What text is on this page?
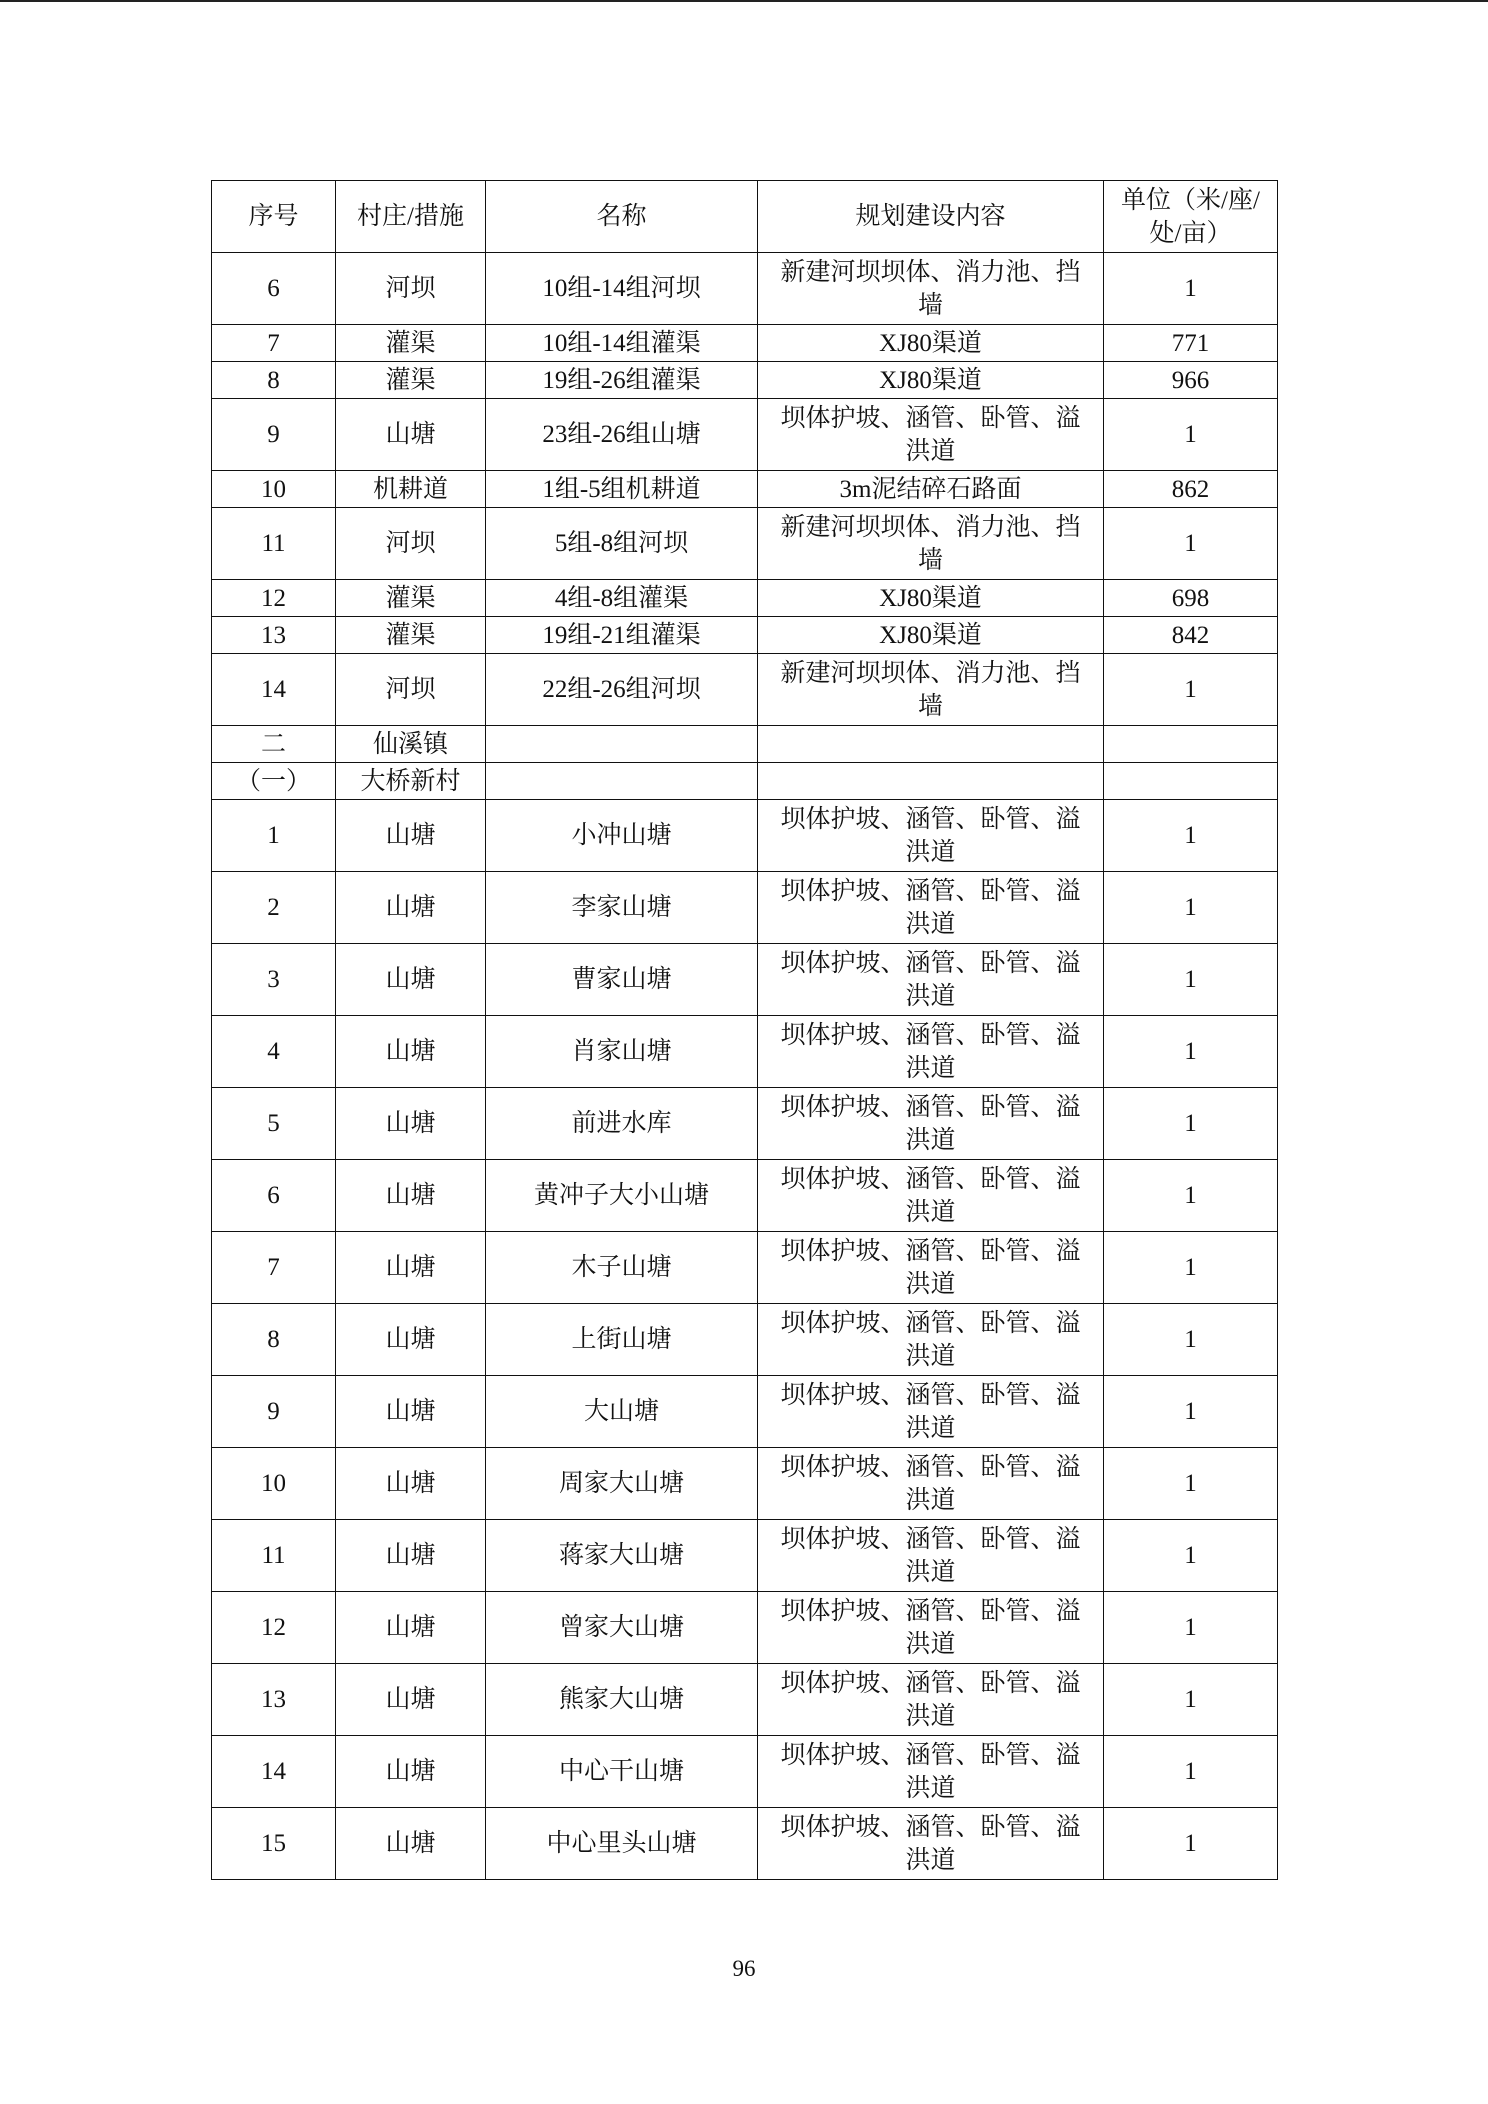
序号	村庄/措施	名称	规划建设内容	单位（米/座/处/亩）
6	河坝	10组-14组河坝	新建河坝坝体、消力池、挡墙	1
7	灌渠	10组-14组灌渠	XJ80渠道	771
8	灌渠	19组-26组灌渠	XJ80渠道	966
9	山塘	23组-26组山塘	坝体护坡、涵管、卧管、溢洪道	1
10	机耕道	1组-5组机耕道	3m泥结碎石路面	862
11	河坝	5组-8组河坝	新建河坝坝体、消力池、挡墙	1
12	灌渠	4组-8组灌渠	XJ80渠道	698
13	灌渠	19组-21组灌渠	XJ80渠道	842
14	河坝	22组-26组河坝	新建河坝坝体、消力池、挡墙	1
二	仙溪镇			
（一）	大桥新村			
1	山塘	小冲山塘	坝体护坡、涵管、卧管、溢洪道	1
2	山塘	李家山塘	坝体护坡、涵管、卧管、溢洪道	1
3	山塘	曹家山塘	坝体护坡、涵管、卧管、溢洪道	1
4	山塘	肖家山塘	坝体护坡、涵管、卧管、溢洪道	1
5	山塘	前进水库	坝体护坡、涵管、卧管、溢洪道	1
6	山塘	黄冲子大小山塘	坝体护坡、涵管、卧管、溢洪道	1
7	山塘	木子山塘	坝体护坡、涵管、卧管、溢洪道	1
8	山塘	上街山塘	坝体护坡、涵管、卧管、溢洪道	1
9	山塘	大山塘	坝体护坡、涵管、卧管、溢洪道	1
10	山塘	周家大山塘	坝体护坡、涵管、卧管、溢洪道	1
11	山塘	蒋家大山塘	坝体护坡、涵管、卧管、溢洪道	1
12	山塘	曾家大山塘	坝体护坡、涵管、卧管、溢洪道	1
13	山塘	熊家大山塘	坝体护坡、涵管、卧管、溢洪道	1
14	山塘	中心干山塘	坝体护坡、涵管、卧管、溢洪道	1
15	山塘	中心里头山塘	坝体护坡、涵管、卧管、溢洪道	1
96
